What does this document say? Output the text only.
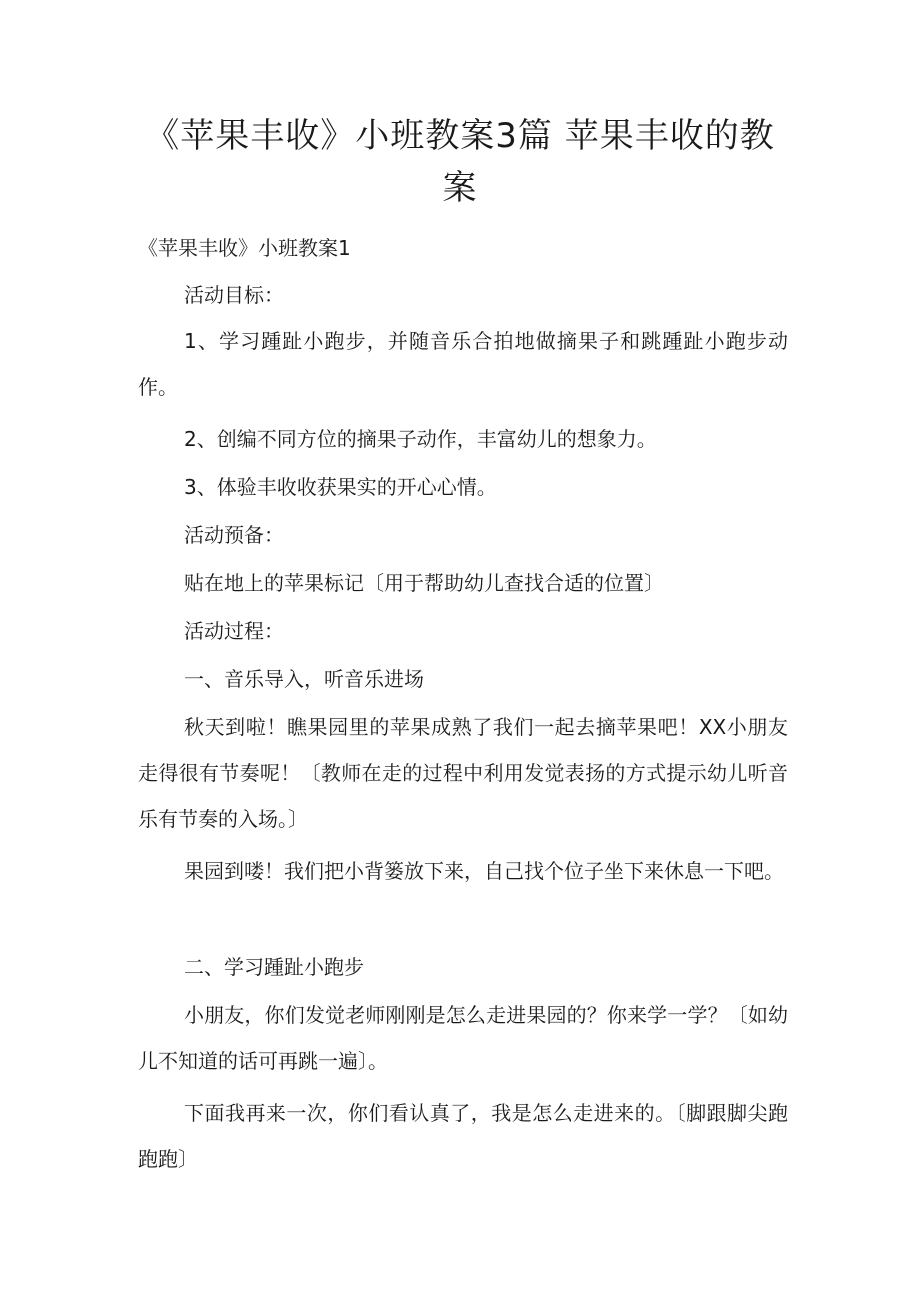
《苹果丰收》小班教案3篇 苹果丰收的教案

《苹果丰收》小班教案1

活动目标：

1、学习踵趾小跑步，并随音乐合拍地做摘果子和跳踵趾小跑步动作。

2、创编不同方位的摘果子动作，丰富幼儿的想象力。

3、体验丰收收获果实的开心心情。

活动预备：

贴在地上的苹果标记〔用于帮助幼儿查找合适的位置〕

活动过程：

一、音乐导入，听音乐进场

秋天到啦！瞧果园里的苹果成熟了我们一起去摘苹果吧！XX小朋友走得很有节奏呢！〔教师在走的过程中利用发觉表扬的方式提示幼儿听音乐有节奏的入场。〕

果园到喽！我们把小背篓放下来，自己找个位子坐下来休息一下吧。

二、学习踵趾小跑步

小朋友，你们发觉老师刚刚是怎么走进果园的？你来学一学？〔如幼儿不知道的话可再跳一遍〕。

下面我再来一次，你们看认真了，我是怎么走进来的。〔脚跟脚尖跑跑跑〕
